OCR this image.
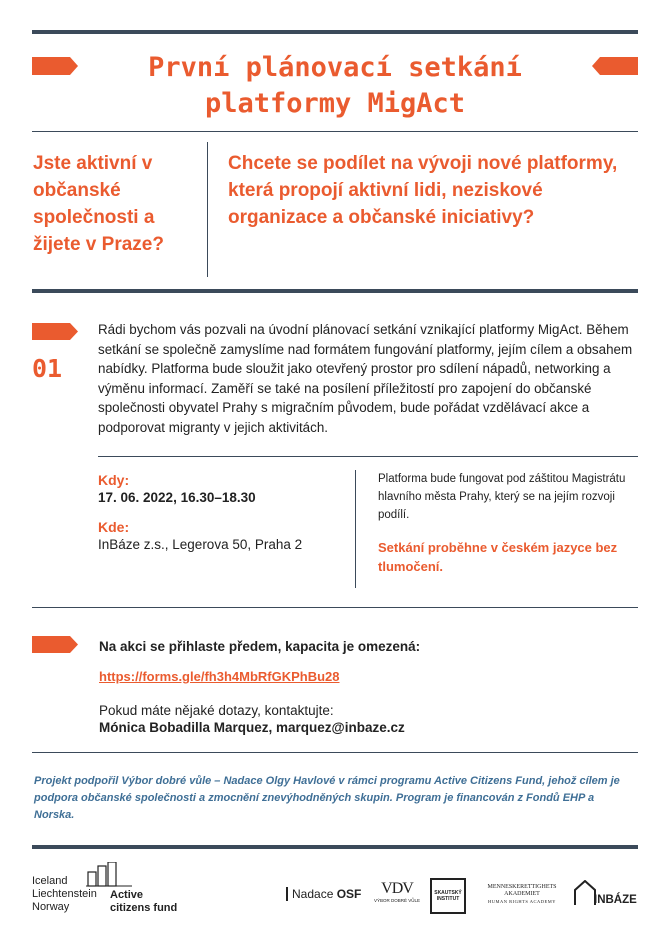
První plánovací setkání
platformy MigAct
Jste aktivní v občanské společnosti a žijete v Praze?
Chcete se podílet na vývoji nové platformy, která propojí aktivní lidi, neziskové organizace a občanské iniciativy?
01
Rádi bychom vás pozvali na úvodní plánovací setkání vznikající platformy MigAct. Během setkání se společně zamyslíme nad formátem fungování platformy, jejím cílem a obsahem nabídky. Platforma bude sloužit jako otevřený prostor pro sdílení nápadů, networking a výměnu informací. Zaměří se také na posílení příležitostí pro zapojení do občanské společnosti obyvatel Prahy s migračním původem, bude pořádat vzdělávací akce a podporovat migranty v jejich aktivitách.
Kdy:
17. 06. 2022, 16.30–18.30
Kde:
InBáze z.s., Legerova 50, Praha 2
Platforma bude fungovat pod záštitou Magistrátu hlavního města Prahy, který se na jejím rozvoji podílí.
Setkání proběhne v českém jazyce bez tlumočení.
Na akci se přihlaste předem, kapacita je omezená:
https://forms.gle/fh3h4MbRfGKPhBu28
Pokud máte nějaké dotazy, kontaktujte:
Mónica Bobadilla Marquez, marquez@inbaze.cz
Projekt podpořil Výbor dobré vůle – Nadace Olgy Havlové v rámci programu Active Citizens Fund, jehož cílem je podpora občanské společnosti a zmocnění znevýhodněných skupin. Program je financován z Fondů EHP a Norska.
Iceland
Liechtenstein
Norway
Active
citizens fund
Nadace OSF	VDV
VÝBOR DOBRÉ VŮLE
SKAUTSKÝ
INSTITUT
MENNESKERETTIGHETS
AKADEMIET
HUMAN RIGHTS ACADEMY	INBÁZE
